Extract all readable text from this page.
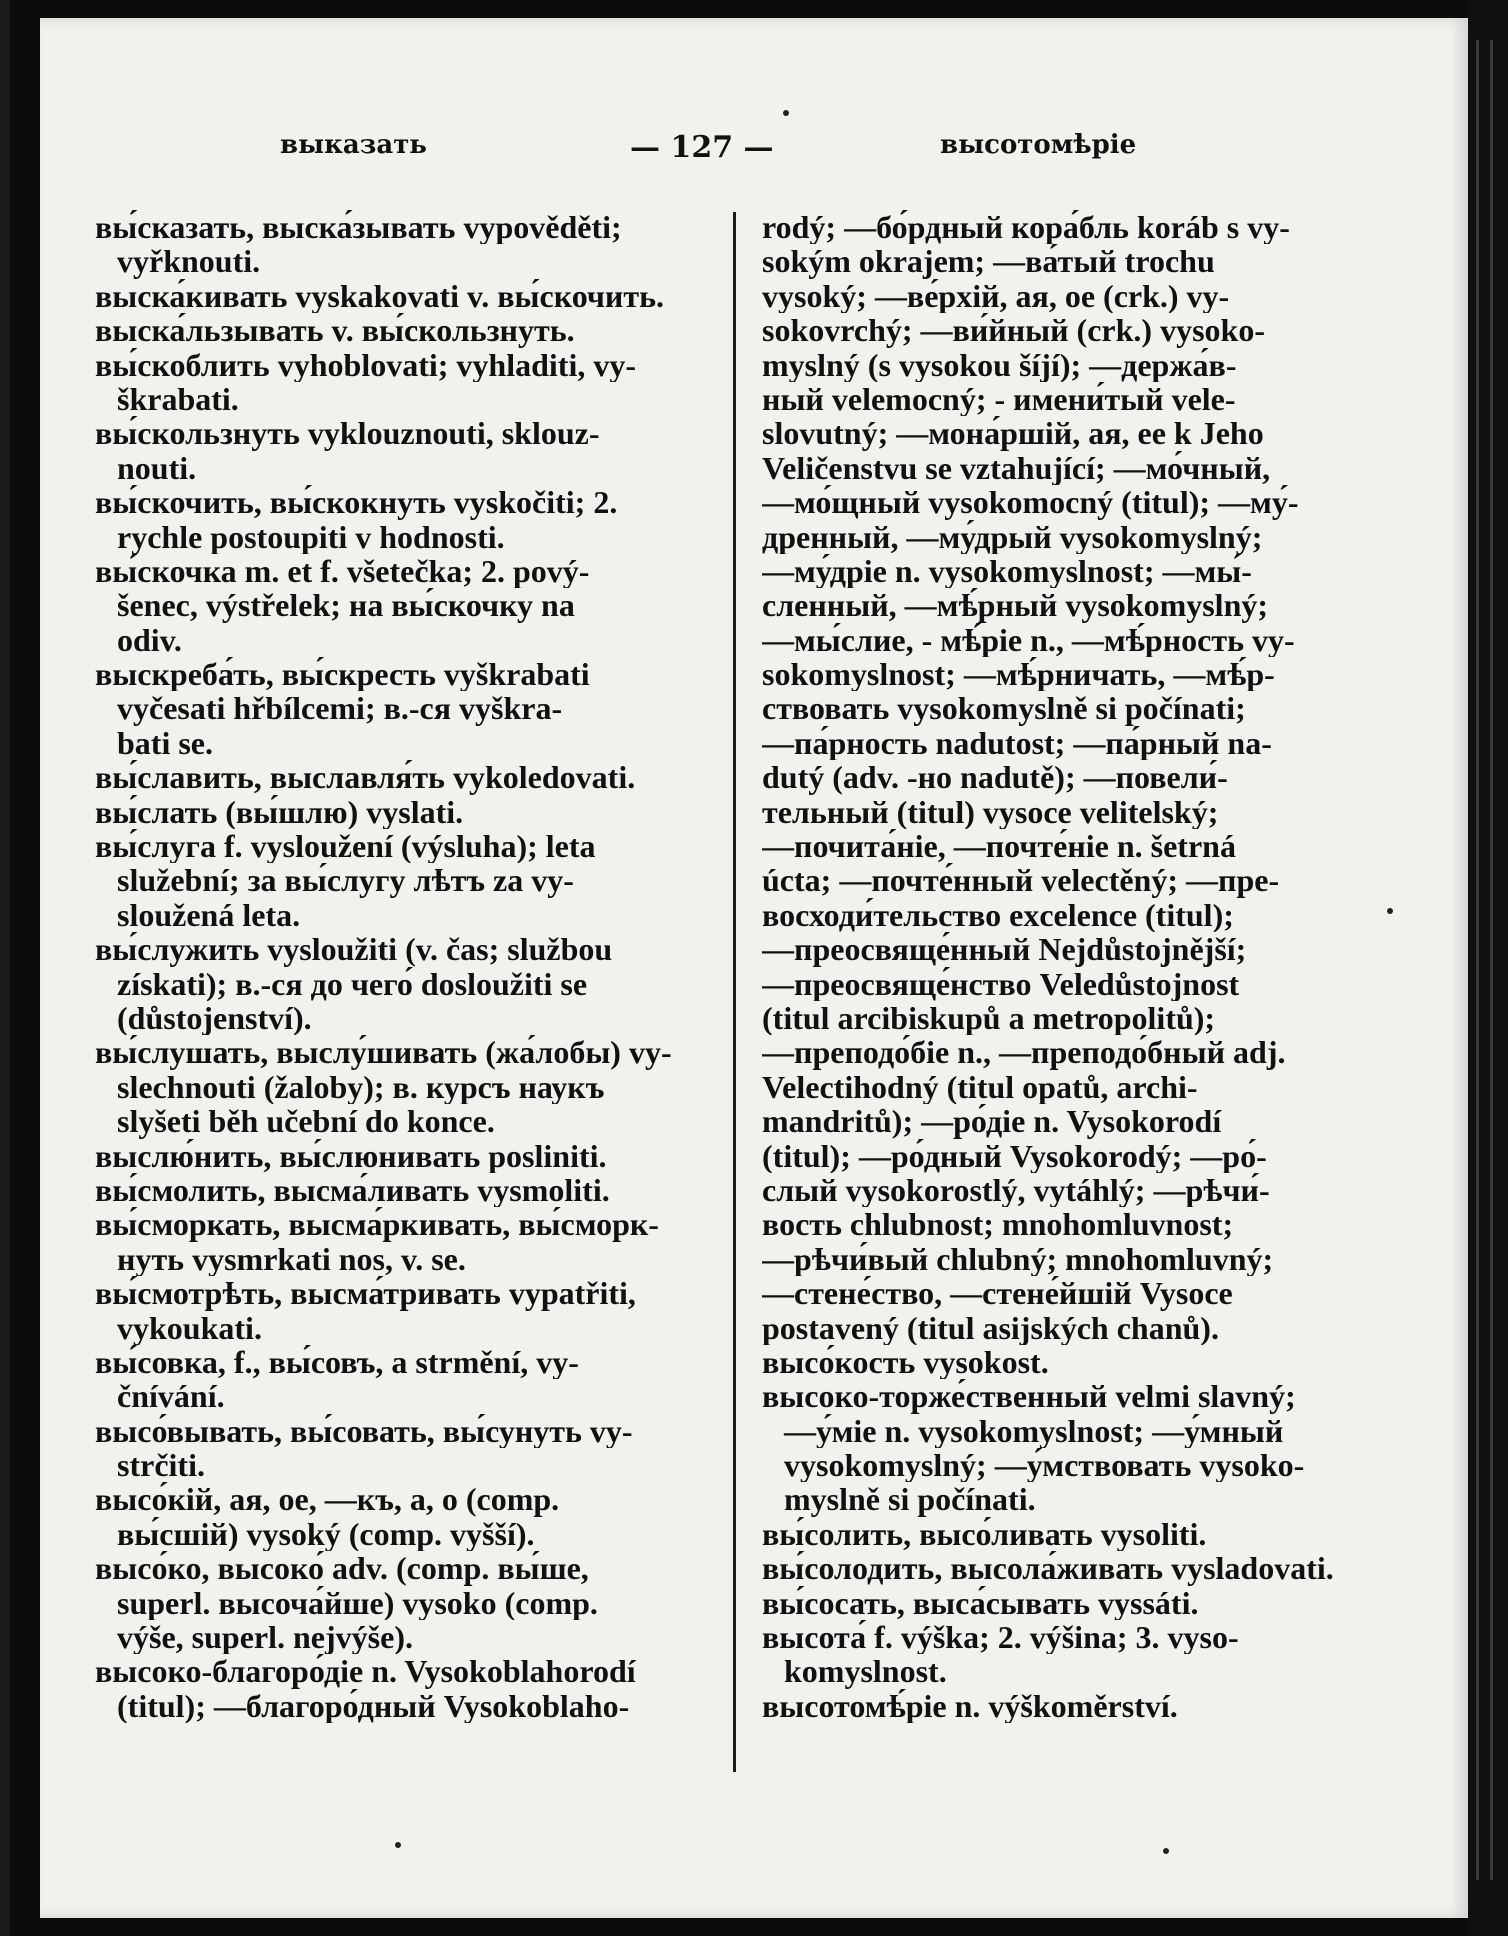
выказать	— 127 —	высотомѣріе
вы́сказать, выска́зывать vypověděti;
vyřknouti.
выска́кивать vyskakovati v. вы́скочить.
выска́льзывать v. вы́скользнуть.
вы́скоблить vyhoblovati; vyhladiti, vy-
škrabati.
вы́скользнуть vyklouznouti, sklouz-
nouti.
вы́скочить, вы́скокнуть vyskočiti; 2.
rychle postoupiti v hodnosti.
вы́скочка m. et f. všetečka; 2. pový-
šenec, výstřelek; на вы́скочку na
odiv.
выскреба́ть, вы́скресть vyškrabati
vyčesati hřbílcemi; в.-ся vyškra-
bati se.
вы́славить, выславля́ть vykoledovati.
вы́слать (вы́шлю) vyslati.
вы́слуга f. vysloužení (výsluha); leta
služební; за вы́слугу лѣтъ za vy-
sloužená leta.
вы́служить vysloužiti (v. čas; službou
získati); в.-ся до чего́ dosloužiti se
(důstojenství).
вы́слушать, выслу́шивать (жа́лобы) vy-
slechnouti (žaloby); в. курсъ наукъ
slyšeti běh učební do konce.
выслю́нить, вы́слюнивать posliniti.
вы́смолить, высма́ливать vysmoliti.
вы́сморкать, высма́ркивать, вы́сморк-
нуть vysmrkati nos, v. se.
вы́смотрѣть, высма́тривать vypatřiti,
vykoukati.
вы́совка, f., вы́совъ, a strmění, vy-
čnívání.
высо́вывать, вы́совать, вы́сунуть vy-
strčiti.
высо́кій, ая, ое, —къ, а, о (comp.
вы́сшій) vysoký (comp. vyšší).
высо́ко, высоко́ adv. (comp. вы́ше,
superl. высоча́йше) vysoko (comp.
výše, superl. nejvýše).
высоко-благоро́діе n. Vysokoblahorodí
(titul); —благоро́дный Vysokoblaho-
rodý; —бо́рдный кора́бль koráb s vy-
sokým okrajem; —ва́тый trochu
vysoký; —ве́рхій, ая, ое (crk.) vy-
sokovrchý; —ви́йный (crk.) vysoko-
myslný (s vysokou šíjí); —держа́в-
ный velemocný; - имени́тый vele-
slovutný; —мона́ршій, ая, ее k Jeho
Veličenstvu se vztahující; —мо́чный,
—мо́щный vysokomocný (titul); —му́-
дренный, —му́дрый vysokomyslný;
—му́дріе n. vysokomyslnost; —мы́-
сленный, —мѣ́рный vysokomyslný;
—мы́слие, - мѣ́ріе n., —мѣ́рность vy-
sokomyslnost; —мѣ́рничать, —мѣ́р-
ствовать vysokomyslně si počínati;
—па́рность nadutost; —па́рный na-
dutý (adv. -но nadutě); —повели́-
тельный (titul) vysoce velitelský;
—почита́ніе, —почте́ніе n. šetrná
úcta; —почте́нный velectěný; —пре-
восходи́тельство excelence (titul);
—преосвяще́нный Nejdůstojnější;
—преосвяще́нство Veledůstojnost
(titul arcibiskupů a metropolitů);
—преподо́біе n., —преподо́бный adj.
Velectihodný (titul opatů, archi-
mandritů); —ро́діе n. Vysokorodí
(titul); —ро́дный Vysokorodý; —ро́-
слый vysokorostlý, vytáhlý; —рѣчи́-
вость chlubnost; mnohomluvnost;
—рѣчи́вый chlubný; mnohomluvný;
—стене́ство, —стене́йшій Vysoce
postavený (titul asijských chanů).
высо́кость vysokost.
высоко-торже́ственный velmi slavný;
—у́міе n. vysokomyslnost; —у́мный
vysokomyslný; —у́мствовать vysoko-
myslně si počínati.
вы́солить, высо́ливать vysoliti.
вы́солодить, высола́живать vysladovati.
вы́сосать, выса́сывать vyssáti.
высота́ f. výška; 2. výšina; 3. vyso-
komyslnost.
высотомѣ́ріе n. výškoměrství.
